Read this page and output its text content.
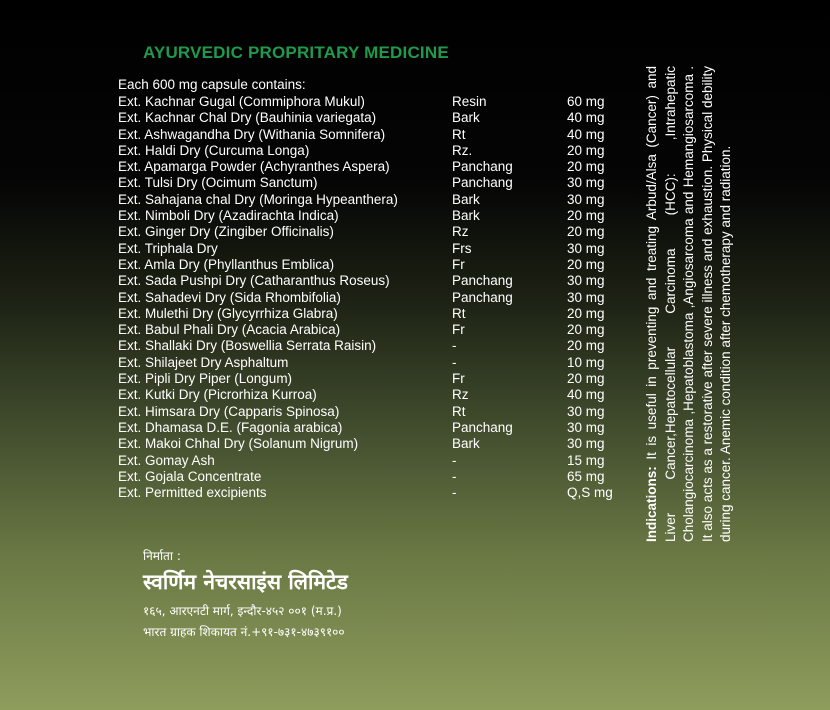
AYURVEDIC PROPRITARY MEDICINE
Each 600 mg capsule contains:
Ext. Kachnar Gugal (Commiphora Mukul)	Resin	60 mg
Ext. Kachnar Chal Dry (Bauhinia variegata)	Bark	40 mg
Ext. Ashwagandha Dry (Withania Somnifera)	Rt	40 mg
Ext. Haldi Dry (Curcuma Longa)	Rz.	20 mg
Ext. Apamarga Powder (Achyranthes Aspera)	Panchang	20 mg
Ext. Tulsi Dry (Ocimum Sanctum)	Panchang	30 mg
Ext. Sahajana chal Dry (Moringa Hypeanthera)	Bark	30 mg
Ext. Nimboli Dry (Azadirachta Indica)	Bark	20 mg
Ext. Ginger Dry (Zingiber Officinalis)	Rz	20 mg
Ext. Triphala Dry	Frs	30 mg
Ext. Amla Dry (Phyllanthus Emblica)	Fr	20 mg
Ext. Sada Pushpi Dry (Catharanthus Roseus)	Panchang	30 mg
Ext. Sahadevi Dry (Sida Rhombifolia)	Panchang	30 mg
Ext. Mulethi Dry (Glycyrrhiza Glabra)	Rt	20 mg
Ext. Babul Phali Dry (Acacia Arabica)	Fr	20 mg
Ext. Shallaki Dry (Boswellia Serrata Raisin)	-	20 mg
Ext. Shilajeet Dry Asphaltum	-	10 mg
Ext. Pipli Dry Piper (Longum)	Fr	20 mg
Ext. Kutki Dry (Picrorhiza Kurroa)	Rz	40 mg
Ext. Himsara Dry (Capparis Spinosa)	Rt	30 mg
Ext. Dhamasa D.E. (Fagonia arabica)	Panchang	30 mg
Ext. Makoi Chhal Dry (Solanum Nigrum)	Bark	30 mg
Ext. Gomay Ash	-	15 mg
Ext. Gojala Concentrate	-	65 mg
Ext. Permitted excipients	-	Q,S mg Indications: It is useful in preventing and treating Arbud/Alsa (Cancer) and Liver Cancer,Hepatocellular Carcinoma (HCC): ,Intrahepatic Cholangiocarcinoma ,Hepatoblastoma ,Angiosarcoma and Hemangiosarcoma . It also acts as a restorative after severe illness and exhaustion. Physical debility during cancer. Anemic condition after chemotherapy and radiation.
निर्माता :
स्वर्णिम नेचरसाइंस लिमिटेड
१६५, आरएनटी मार्ग, इन्दौर-४५२ ००१ (म.प्र.)
भारत ग्राहक शिकायत नं.+९१-७३१-४७३९१००
